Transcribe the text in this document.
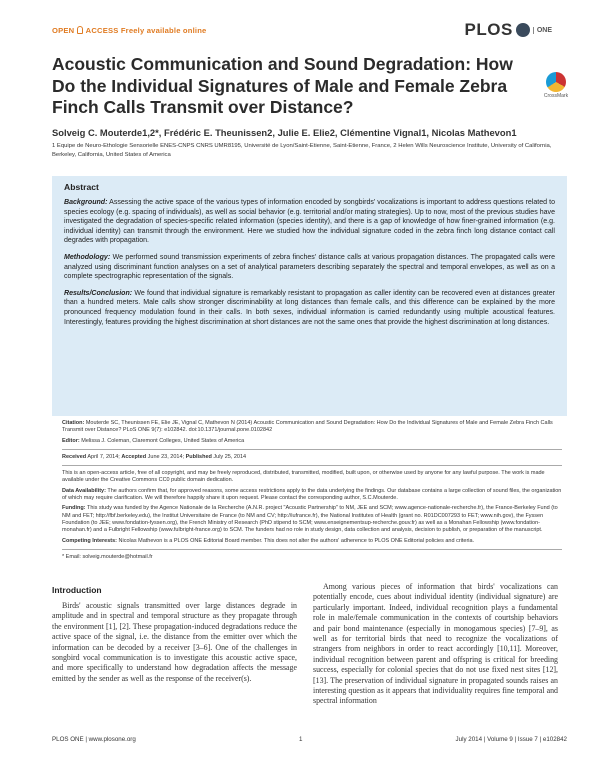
OPEN ACCESS Freely available online	PLOS	ONE
Acoustic Communication and Sound Degradation: How Do the Individual Signatures of Male and Female Zebra Finch Calls Transmit over Distance?
CrossMark
Solveig C. Mouterde1,2*, Frédéric E. Theunissen2, Julie E. Elie2, Clémentine Vignal1, Nicolas Mathevon1
1 Equipe de Neuro-Ethologie Sensorielle ENES-CNPS CNRS UMR8195, Université de Lyon/Saint-Etienne, Saint-Etienne, France, 2 Helen Wills Neuroscience Institute, University of California, Berkeley, California, United States of America
Abstract

Background: Assessing the active space of the various types of information encoded by songbirds' vocalizations is important to address questions related to species ecology (e.g. spacing of individuals), as well as social behavior (e.g. territorial and/or mating strategies). Up to now, most of the previous studies have investigated the degradation of species-specific related information (species identity), and there is a gap of knowledge of how finer-grained information (e.g. individual identity) can transmit through the environment. Here we studied how the individual signature coded in the zebra finch long distance contact call degrades with propagation.

Methodology: We performed sound transmission experiments of zebra finches' distance calls at various propagation distances. The propagated calls were analyzed using discriminant function analyses on a set of analytical parameters describing separately the spectral and temporal envelopes, as well as on a complete spectrographic representation of the signals.

Results/Conclusion: We found that individual signature is remarkably resistant to propagation as caller identity can be recovered even at distances greater than a hundred meters. Male calls show stronger discriminability at long distances than female calls, and this difference can be explained by the more pronounced frequency modulation found in their calls. In both sexes, individual information is carried redundantly using multiple acoustical features. Interestingly, features providing the highest discrimination at short distances are not the same ones that provide the highest discrimination at long distances.

Citation: Mouterde SC, Theunissen FE, Elie JE, Vignal C, Mathevon N (2014) Acoustic Communication and Sound Degradation: How Do the Individual Signatures of Male and Female Zebra Finch Calls Transmit over Distance? PLoS ONE 9(7): e102842. doi:10.1371/journal.pone.0102842

Editor: Melissa J. Coleman, Claremont Colleges, United States of America

Received April 7, 2014; Accepted June 23, 2014; Published July 25, 2014

This is an open-access article, free of all copyright, and may be freely reproduced, distributed, transmitted, modified, built upon, or otherwise used by anyone for any lawful purpose. The work is made available under the Creative Commons CC0 public domain dedication.

Data Availability: The authors confirm that, for approved reasons, some access restrictions apply to the data underlying the findings. Our database contains a large collection of sound files, the organization of which may require clarification. We will therefore happily share it upon request. Please contact the corresponding author, S.C.Mouterde.

Funding: This study was funded by the Agence Nationale de la Recherche (A.N.R. project "Acoustic Partnership" to NM, JEE and SCM; www.agence-nationale-recherche.fr), the France-Berkeley Fund (to NM and FET; http://fbf.berkeley.edu), the Institut Universitaire de France (to NM and CV; http://iufrance.fr), the National Institutes of Health (grant no. R01DC007293 to FET; www.nih.gov), the Fyssen Foundation (to JEE; www.fondation-fyssen.org), the French Ministry of Research (PhD stipend to SCM; www.enseignementsup-recherche.gouv.fr) as well as a Monahan Fellowship (www.fondation-monahan.fr) and a Fulbright Fellowship (www.fulbright-france.org) to SCM. The funders had no role in study design, data collection and analysis, decision to publish, or preparation of the manuscript.

Competing Interests: Nicolas Mathevon is a PLOS ONE Editorial Board member. This does not alter the authors' adherence to PLOS ONE Editorial policies and criteria.

* Email: solveig.mouterde@hotmail.fr

Introduction

Birds' acoustic signals transmitted over large distances degrade in amplitude and in spectral and temporal structure as they propagate through the environment [1], [2]. These propagation-induced degradations reduce the active space of the signal, i.e. the distance from the emitter over which the information can be decoded by a receiver [3–6]. One of the challenges in songbird vocal communication is to investigate this acoustic active space, and more specifically to understand how degradation affects the message emitted by the sender as well as the response of the receiver(s).

Among various pieces of information that birds' vocalizations can potentially encode, cues about individual identity (individual signature) are particularly important. Indeed, individual recognition plays a fundamental role in male/female communication in the contexts of courtship behaviors and pair bond maintenance (especially in monogamous species) [7–9], as well as for territorial birds that need to recognize the vocalizations of strangers from neighbors in order to react accordingly [10,11]. Moreover, individual recognition between parent and offspring is critical for breeding success, especially for colonial species that do not use fixed nest sites [12], [13]. The preservation of individual signature in propagated sounds raises an interesting question as it appears that individuality requires fine temporal and spectral information

PLOS ONE | www.plosone.org	1	July 2014 | Volume 9 | Issue 7 | e102842
